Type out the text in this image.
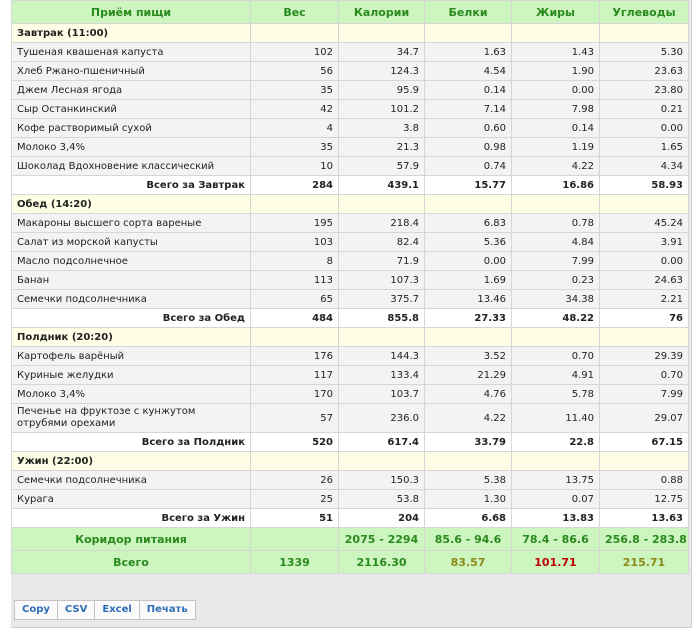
Приём пищи	Вес	Калории	Белки	Жиры	Углеводы
Завтрак (11:00)					
Тушеная квашеная капуста	102	34.7	1.63	1.43	5.30
Хлеб Ржано-пшеничный	56	124.3	4.54	1.90	23.63
Джем Лесная ягода	35	95.9	0.14	0.00	23.80
Сыр Останкинский	42	101.2	7.14	7.98	0.21
Кофе растворимый сухой	4	3.8	0.60	0.14	0.00
Молоко 3,4%	35	21.3	0.98	1.19	1.65
Шоколад Вдохновение классический	10	57.9	0.74	4.22	4.34
Всего за Завтрак	284	439.1	15.77	16.86	58.93
Обед (14:20)					
Макароны высшего сорта вареные	195	218.4	6.83	0.78	45.24
Салат из морской капусты	103	82.4	5.36	4.84	3.91
Масло подсолнечное	8	71.9	0.00	7.99	0.00
Банан	113	107.3	1.69	0.23	24.63
Семечки подсолнечника	65	375.7	13.46	34.38	2.21
Всего за Обед	484	855.8	27.33	48.22	76
Полдник (20:20)					
Картофель варёный	176	144.3	3.52	0.70	29.39
Куриные желудки	117	133.4	21.29	4.91	0.70
Молоко 3,4%	170	103.7	4.76	5.78	7.99
Печенье на фруктозе с кунжутом отрубями орехами	57	236.0	4.22	11.40	29.07
Всего за Полдник	520	617.4	33.79	22.8	67.15
Ужин (22:00)					
Семечки подсолнечника	26	150.3	5.38	13.75	0.88
Курага	25	53.8	1.30	0.07	12.75
Всего за Ужин	51	204	6.68	13.83	13.63
Коридор питания		2075 - 2294	85.6 - 94.6	78.4 - 86.6	256.8 - 283.8
Всего	1339	2116.30	83.57	101.71	215.71
Copy	CSV	Excel	Печать
